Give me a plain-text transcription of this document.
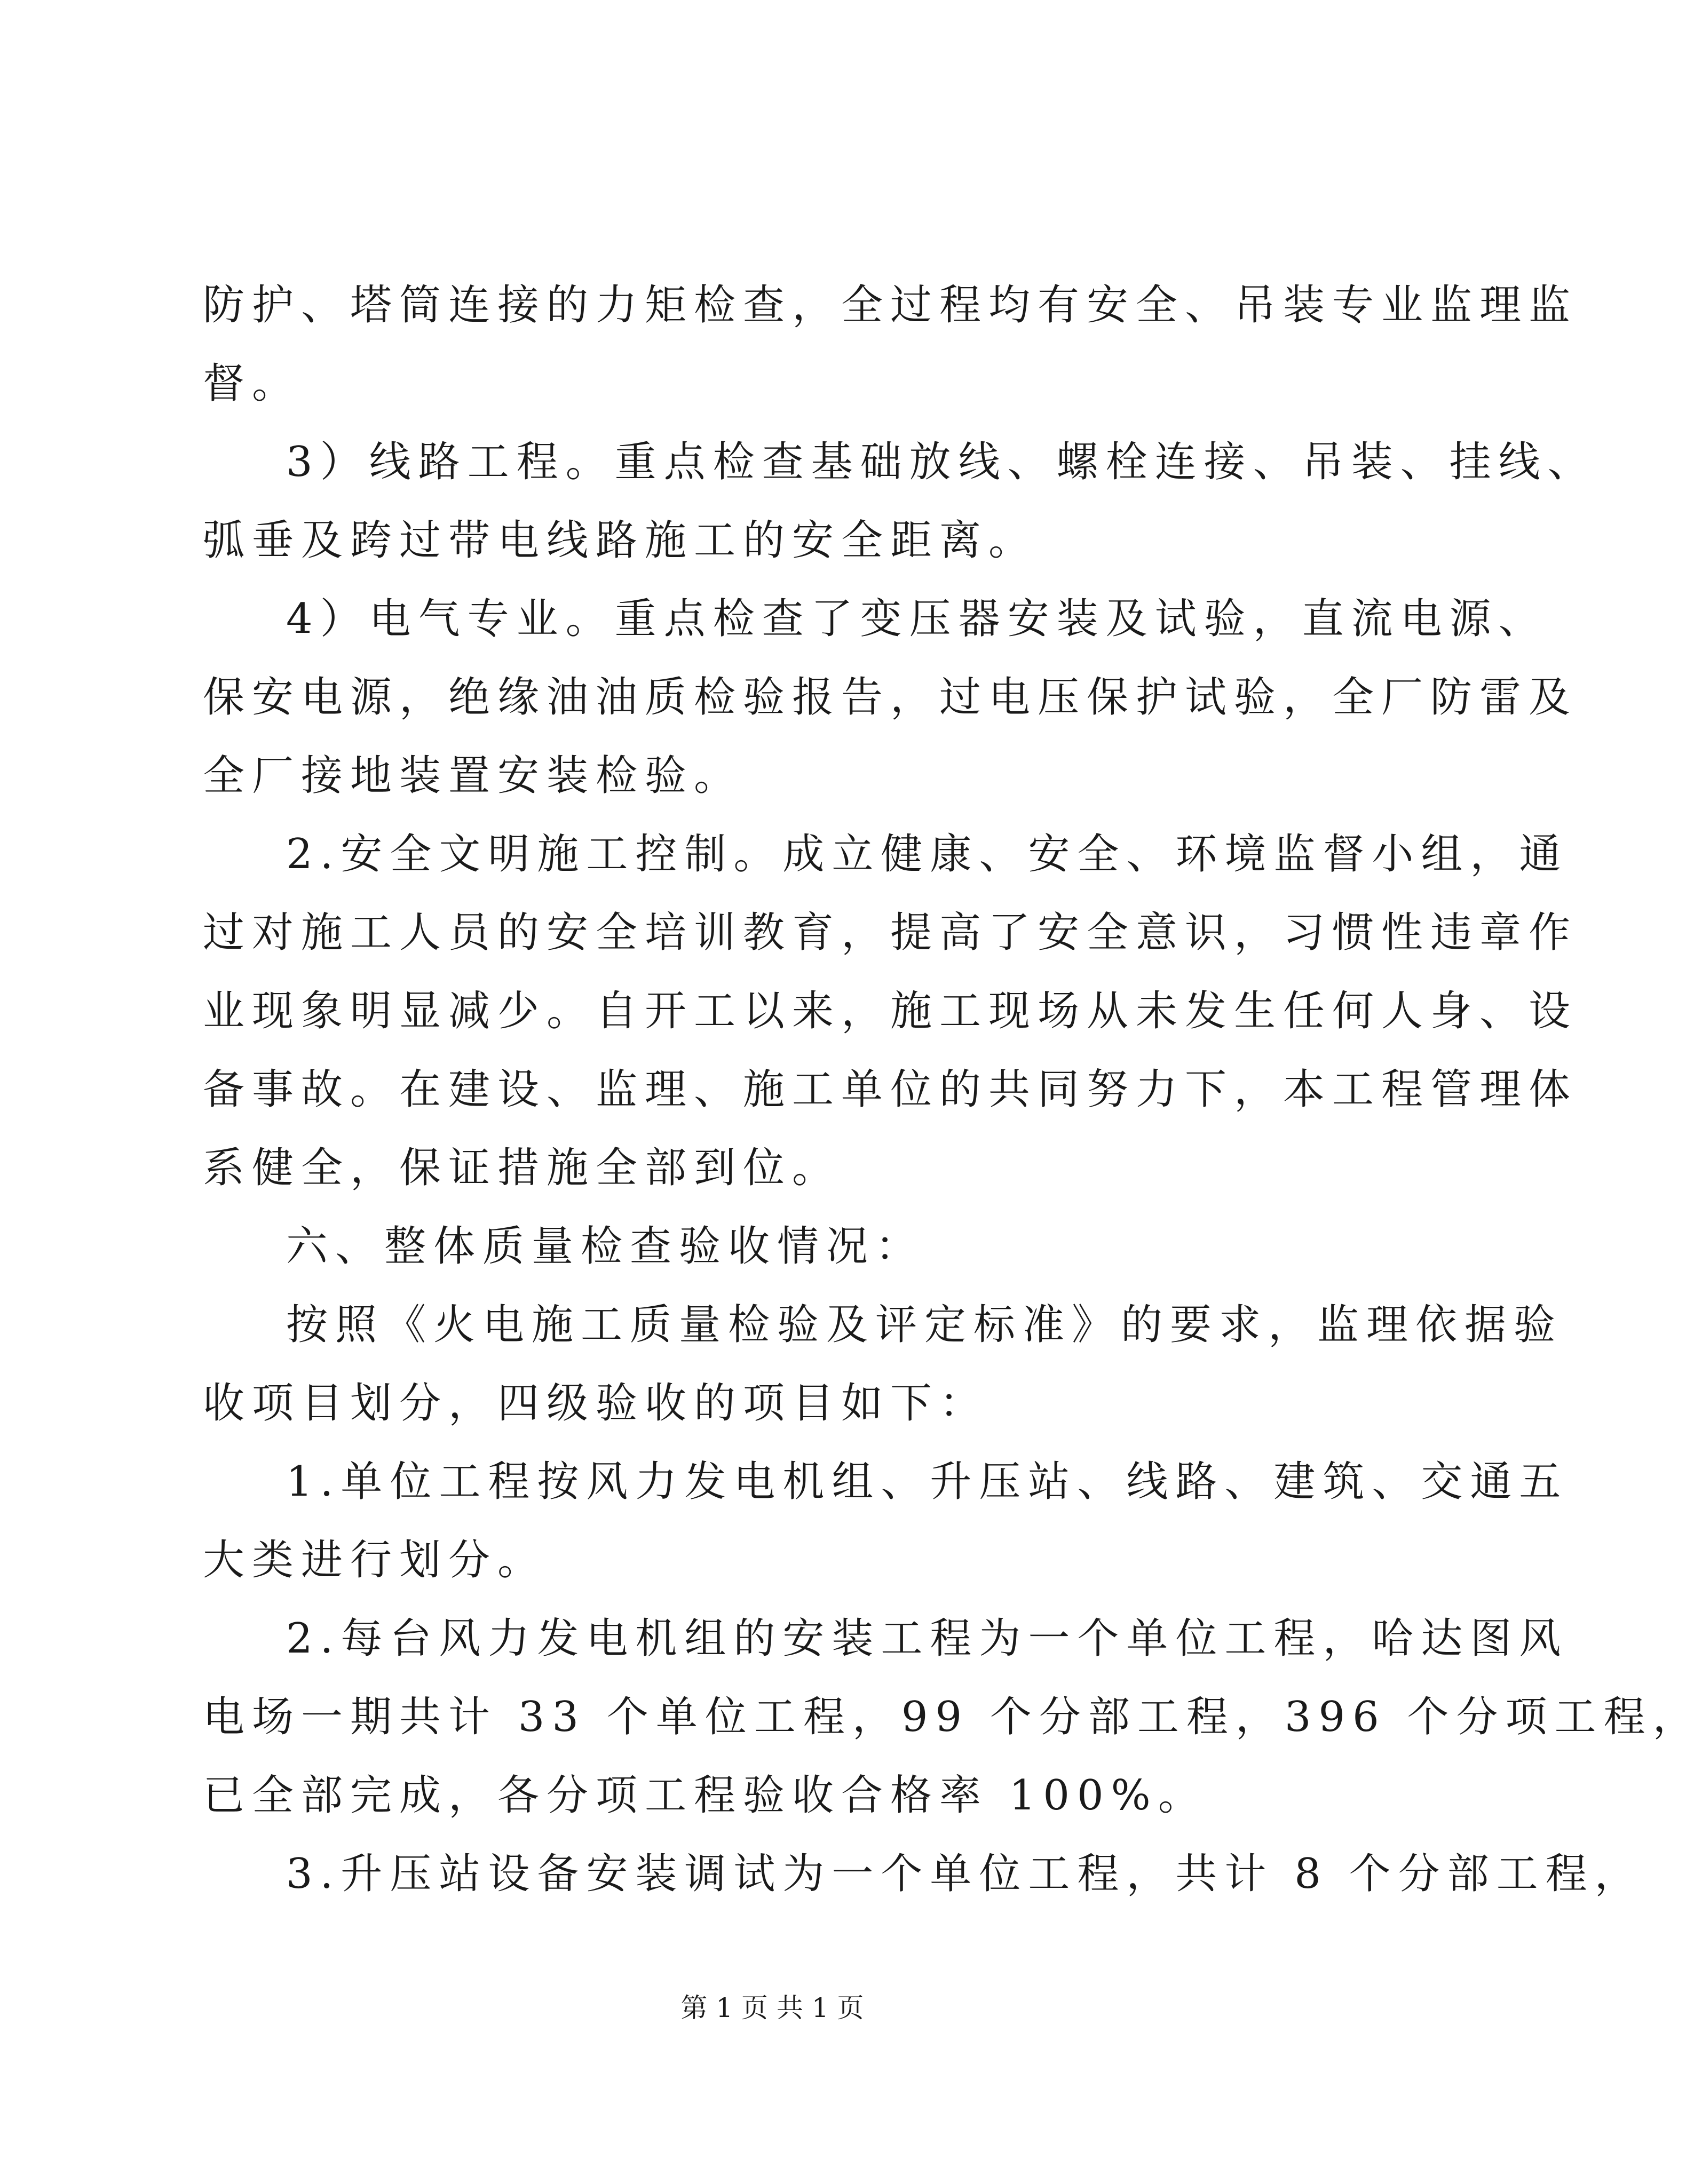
防护、塔筒连接的力矩检查，全过程均有安全、吊装专业监理监

督。

3）线路工程。重点检查基础放线、螺栓连接、吊装、挂线、

弧垂及跨过带电线路施工的安全距离。

4）电气专业。重点检查了变压器安装及试验，直流电源、

保安电源，绝缘油油质检验报告，过电压保护试验，全厂防雷及

全厂接地装置安装检验。

2.安全文明施工控制。成立健康、安全、环境监督小组，通

过对施工人员的安全培训教育，提高了安全意识，习惯性违章作

业现象明显减少。自开工以来，施工现场从未发生任何人身、设

备事故。在建设、监理、施工单位的共同努力下，本工程管理体

系健全，保证措施全部到位。

六、整体质量检查验收情况：

按照《火电施工质量检验及评定标准》的要求，监理依据验

收项目划分，四级验收的项目如下：

1.单位工程按风力发电机组、升压站、线路、建筑、交通五

大类进行划分。

2.每台风力发电机组的安装工程为一个单位工程，哈达图风

电场一期共计 33 个单位工程，99 个分部工程，396 个分项工程，

已全部完成，各分项工程验收合格率 100%。

3.升压站设备安装调试为一个单位工程，共计 8 个分部工程，

第 1 页 共 1 页
